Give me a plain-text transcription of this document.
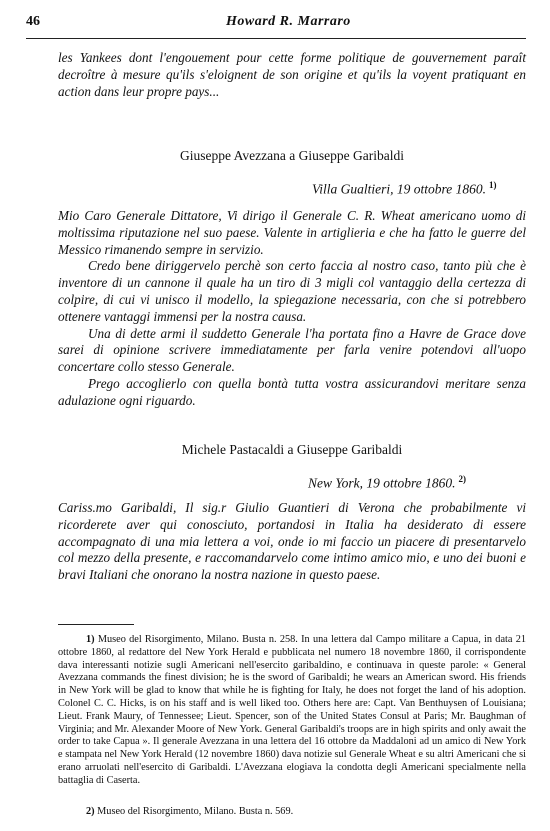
46	Howard R. Marraro

les Yankees dont l'engouement pour cette forme politique de gouvernement paraît decroître à mesure qu'ils s'eloignent de son origine et qu'ils la voyent pratiquant en action dans leur propre pays...

Giuseppe Avezzana a Giuseppe Garibaldi
Villa Gualtieri, 19 ottobre 1860. $^{1)}$

Mio Caro Generale Dittatore, Vi dirigo il Generale C. R. Wheat americano uomo di moltissima riputazione nel suo paese. Valente in artiglieria e che ha fatto le guerre del Messico rimanendo sempre in servizio.

Credo bene diriggervelo perchè son certo faccia al nostro caso, tanto più che è inventore di un cannone il quale ha un tiro di 3 migli col vantaggio della certezza di colpire, di cui vi unisco il modello, la spiegazione necessaria, con che si potrebbero ottenere vantaggi immensi per la nostra causa.

Una di dette armi il suddetto Generale l'ha portata fino a Havre de Grace dove sarei di opinione scrivere immediatamente per farla venire potendovi all'uopo concertare collo stesso Generale.

Prego accoglierlo con quella bontà tutta vostra assicurandovi meritare senza adulazione ogni riguardo.

Michele Pastacaldi a Giuseppe Garibaldi
New York, 19 ottobre 1860. $^{2)}$

Cariss.mo Garibaldi, Il sig.r Giulio Guantieri di Verona che probabilmente vi ricorderete aver qui conosciuto, portandosi in Italia ha desiderato di essere accompagnato di una mia lettera a voi, onde io mi faccio un piacere di presentarvelo col mezzo della presente, e raccomandarvelo come intimo amico mio, e uno dei buoni e bravi Italiani che onorano la nostra nazione in questo paese.

1) Museo del Risorgimento, Milano. Busta n. 258. In una lettera dal Campo militare a Capua, in data 21 ottobre 1860, al redattore del New York Herald e pubblicata nel numero 18 novembre 1860, il corrispondente dava interessanti notizie sugli Americani nell'esercito garibaldino, e continuava in queste parole: « General Avezzana commands the finest division; he is the sword of Garibaldi; he wears an American sword. His friends in New York will be glad to know that while he is fighting for Italy, he does not forget the land of his adoption. Colonel C. C. Hicks, is on his staff and is well liked too. Others here are: Capt. Van Benthuysen of Louisiana; Lieut. Frank Maury, of Tennessee; Lieut. Spencer, son of the United States Consul at Paris; Mr. Baughman of Virginia; and Mr. Alexander Moore of New York. General Garibaldi's troops are in high spirits and only await the order to take Capua ». Il generale Avezzana in una lettera del 16 ottobre da Maddaloni ad un amico di New York e stampata nel New York Herald (12 novembre 1860) dava notizie sul Generale Wheat e su altri Americani che si erano arruolati nell'esercito di Garibaldi. L'Avezzana elogiava la condotta degli Americani specialmente nella battaglia di Caserta.

2) Museo del Risorgimento, Milano. Busta n. 569.
